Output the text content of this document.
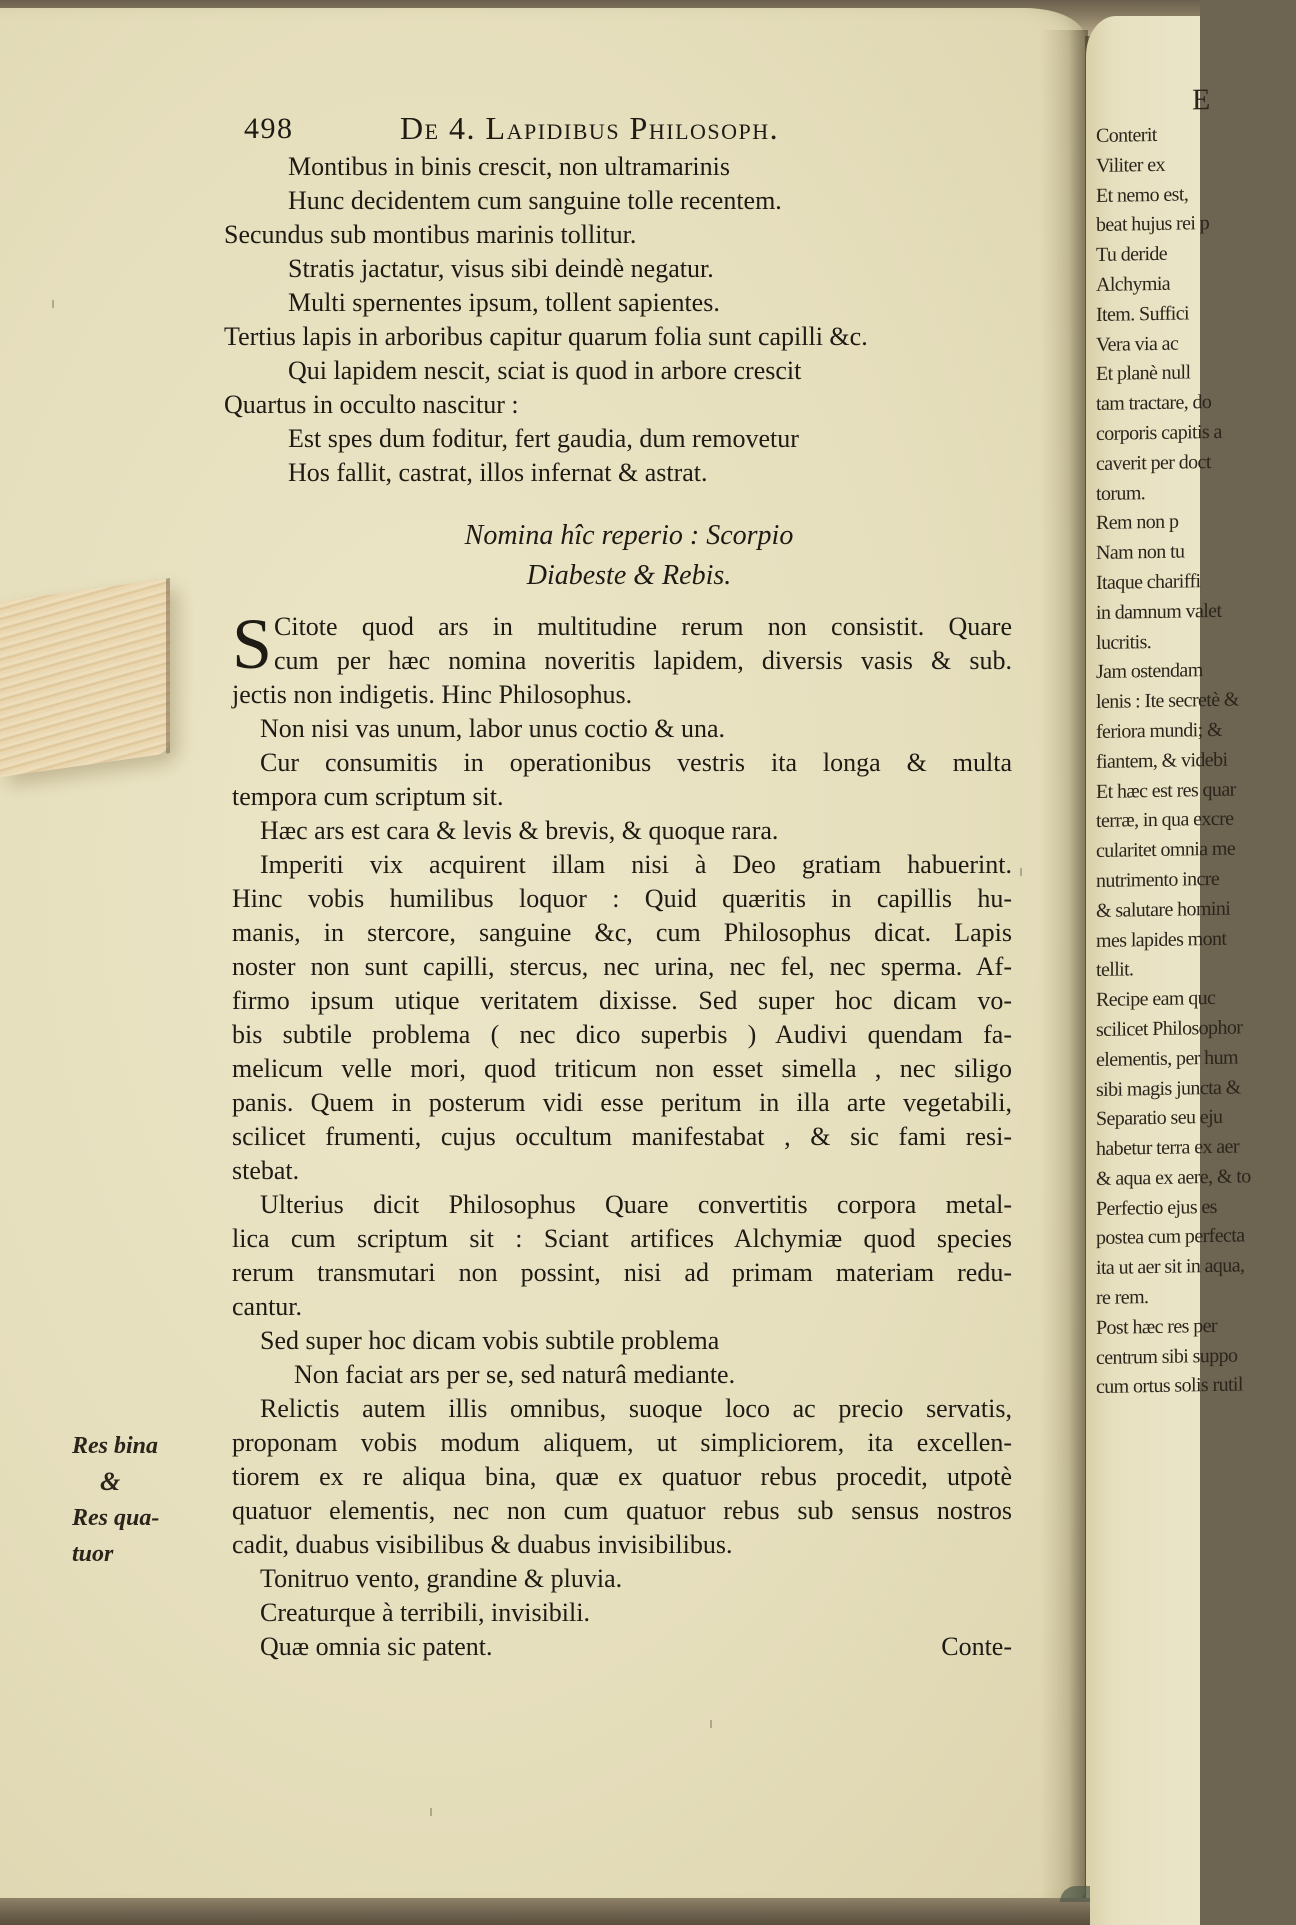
E
Conterit
Viliter ex
Et nemo est,
beat hujus rei p
Tu deride
Alchymia
Item. Suffici
Vera via ac
Et planè null
tam tractare, do
corporis capitis a
caverit per doct
torum.
Rem non p
Nam non tu
Itaque chariffi
in damnum valet
lucritis.
Jam ostendam
lenis : Ite secretè &
feriora mundi; &
fiantem, & videbi
Et hæc est res quar
terræ, in qua excre
cularitet omnia me
nutrimento incre
& salutare homini
mes lapides mont
tellit.
Recipe eam quc
scilicet Philosophor
elementis, per hum
sibi magis juncta &
Separatio seu eju
habetur terra ex aer
& aqua ex aere, & to
Perfectio ejus es
postea cum perfecta
ita ut aer sit in aqua,
re rem.
Post hæc res per
centrum sibi suppo
cum ortus solis rutil
498	De 4. Lapidibus Philosoph.
Montibus in binis crescit, non ultramarinis
Hunc decidentem cum sanguine tolle recentem.
Secundus sub montibus marinis tollitur.
Stratis jactatur, visus sibi deindè negatur.
Multi spernentes ipsum, tollent sapientes.
Tertius lapis in arboribus capitur quarum folia sunt capilli &c.
Qui lapidem nescit, sciat is quod in arbore crescit
Quartus in occulto nascitur :
Est spes dum foditur, fert gaudia, dum removetur
Hos fallit, castrat, illos infernat & astrat.
Nomina hîc reperio : Scorpio
Diabeste & Rebis.
S Citote quod ars in multitudine rerum non consistit. Quare
cum per hæc nomina noveritis lapidem, diversis vasis & sub.
jectis non indigetis. Hinc Philosophus.
Non nisi vas unum, labor unus coctio & una.
Cur consumitis in operationibus vestris ita longa & multa
tempora cum scriptum sit.
Hæc ars est cara & levis & brevis, & quoque rara.
Imperiti vix acquirent illam nisi à Deo gratiam habuerint.
Hinc vobis humilibus loquor : Quid quæritis in capillis hu-
manis, in stercore, sanguine &c, cum Philosophus dicat. Lapis
noster non sunt capilli, stercus, nec urina, nec fel, nec sperma. Af-
firmo ipsum utique veritatem dixisse. Sed super hoc dicam vo-
bis subtile problema ( nec dico superbis ) Audivi quendam fa-
melicum velle mori, quod triticum non esset simella , nec siligo
panis. Quem in posterum vidi esse peritum in illa arte vegetabili,
scilicet frumenti, cujus occultum manifestabat , & sic fami resi-
stebat.
Ulterius dicit Philosophus Quare convertitis corpora metal-
lica cum scriptum sit : Sciant artifices Alchymiæ quod species
rerum transmutari non possint, nisi ad primam materiam redu-
cantur.
Sed super hoc dicam vobis subtile problema
Non faciat ars per se, sed naturâ mediante.
Relictis autem illis omnibus, suoque loco ac precio servatis,
proponam vobis modum aliquem, ut simpliciorem, ita excellen-
tiorem ex re aliqua bina, quæ ex quatuor rebus procedit, utpotè
quatuor elementis, nec non cum quatuor rebus sub sensus nostros
cadit, duabus visibilibus & duabus invisibilibus.
Tonitruo vento, grandine & pluvia.
Creaturque à terribili, invisibili.
Quæ omnia sic patent.	Conte-
Res bina
&
Res qua-
tuor
